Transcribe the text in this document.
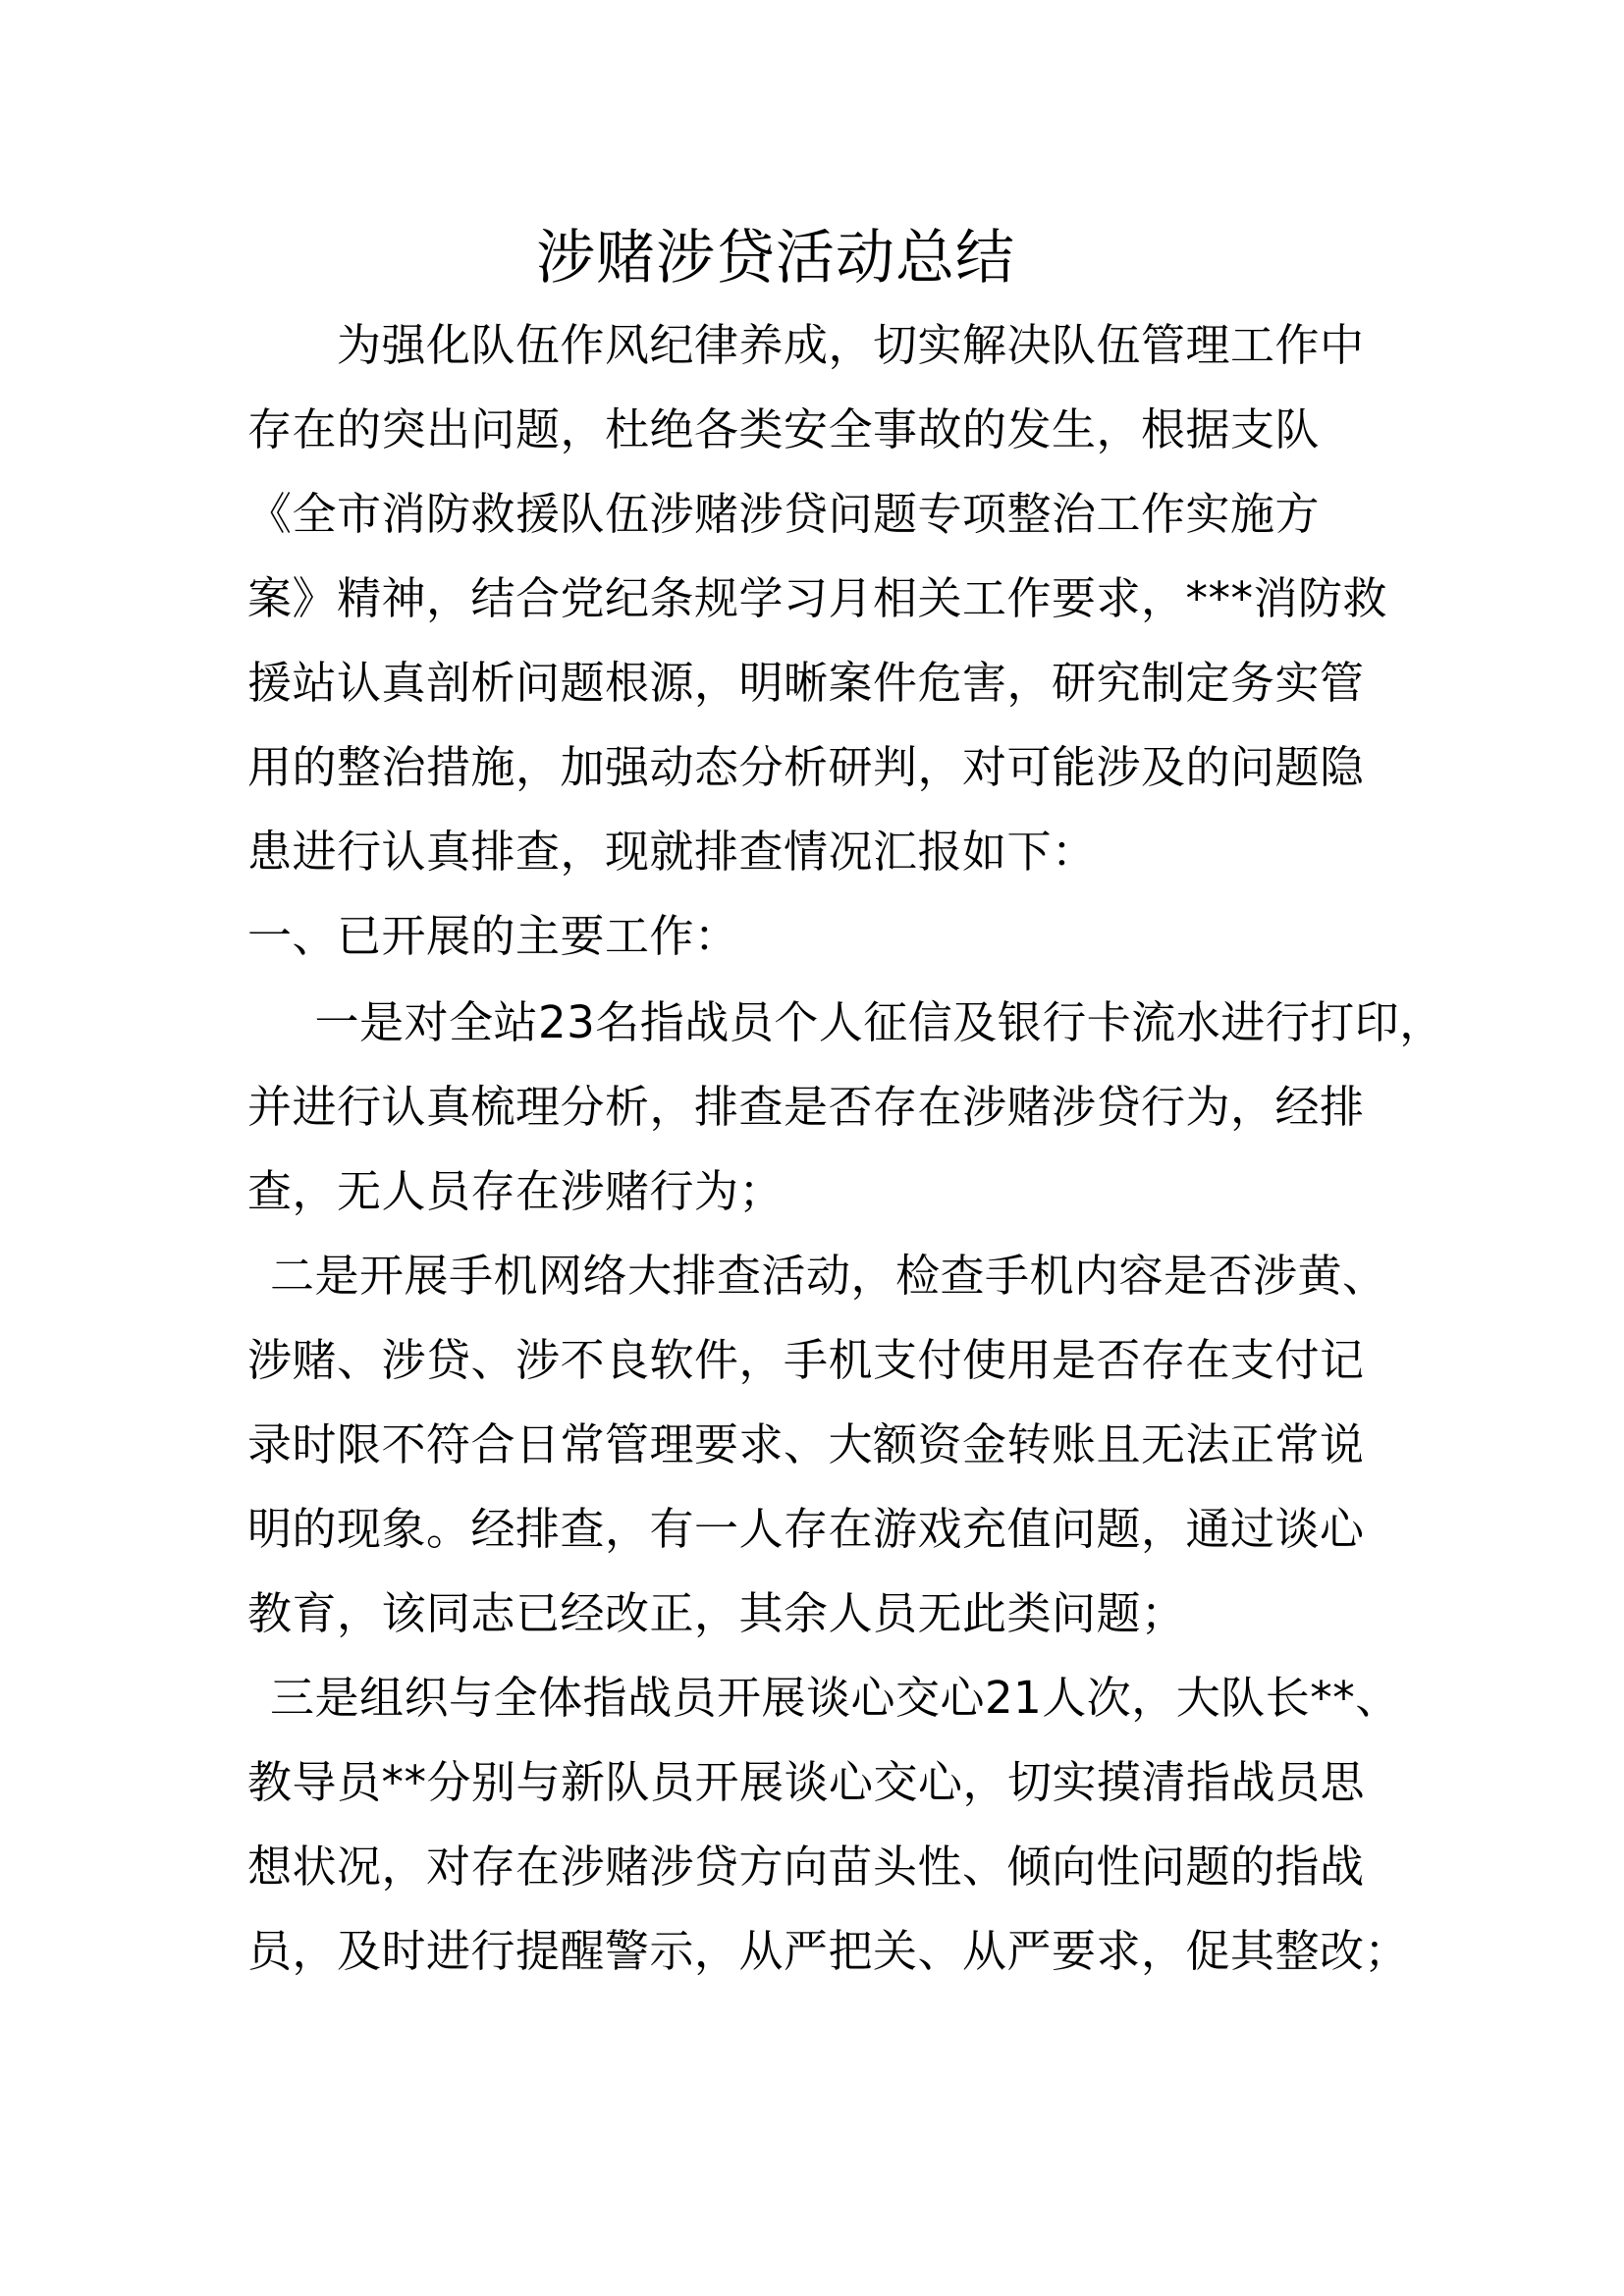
涉赌涉贷活动总结
　　为强化队伍作风纪律养成，切实解决队伍管理工作中
存在的突出问题，杜绝各类安全事故的发生，根据支队
《全市消防救援队伍涉赌涉贷问题专项整治工作实施方
案》精神，结合党纪条规学习月相关工作要求，***消防救
援站认真剖析问题根源，明晰案件危害，研究制定务实管
用的整治措施，加强动态分析研判，对可能涉及的问题隐
患进行认真排查，现就排查情况汇报如下：
一、已开展的主要工作：
 　一是对全站23名指战员个人征信及银行卡流水进行打印，
并进行认真梳理分析，排查是否存在涉赌涉贷行为，经排
查，无人员存在涉赌行为；
 二是开展手机网络大排查活动，检查手机内容是否涉黄、
涉赌、涉贷、涉不良软件，手机支付使用是否存在支付记
录时限不符合日常管理要求、大额资金转账且无法正常说
明的现象。经排查，有一人存在游戏充值问题，通过谈心
教育，该同志已经改正，其余人员无此类问题；
 三是组织与全体指战员开展谈心交心21人次，大队长**、
教导员**分别与新队员开展谈心交心，切实摸清指战员思
想状况，对存在涉赌涉贷方向苗头性、倾向性问题的指战
员，及时进行提醒警示，从严把关、从严要求，促其整改；
